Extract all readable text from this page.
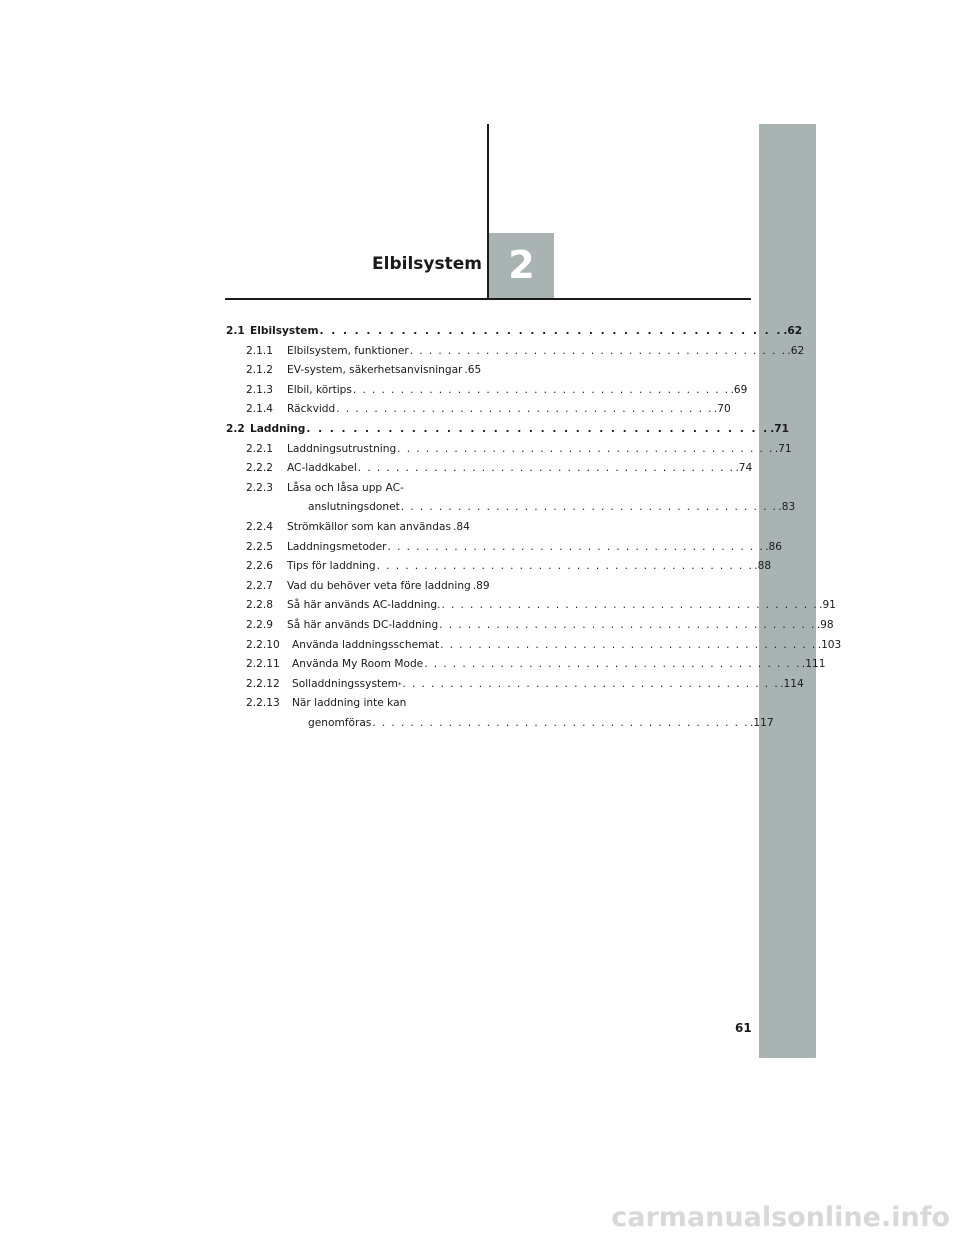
Elbilsystem 2
2.1 Elbilsystem . . . . . . . . . . . . . . . . . . . . . . . . . . . . . . . . . . . . . . . . .62
2.1.1 Elbilsystem, funktioner . . . . . . . . . . . . . . . . . . . . . . . . . . . . . . . . . . . . . . . . .62
2.1.2 EV-system, säkerhetsanvisningar .65
2.1.3 Elbil, körtips . . . . . . . . . . . . . . . . . . . . . . . . . . . . . . . . . . . . . . . . .69
2.1.4 Räckvidd . . . . . . . . . . . . . . . . . . . . . . . . . . . . . . . . . . . . . . . . .70
2.2 Laddning . . . . . . . . . . . . . . . . . . . . . . . . . . . . . . . . . . . . . . . . .71
2.2.1 Laddningsutrustning . . . . . . . . . . . . . . . . . . . . . . . . . . . . . . . . . . . . . . . . .71
2.2.2 AC-laddkabel . . . . . . . . . . . . . . . . . . . . . . . . . . . . . . . . . . . . . . . . .74
2.2.3 Låsa och låsa upp AC-
anslutningsdonet . . . . . . . . . . . . . . . . . . . . . . . . . . . . . . . . . . . . . . . . .83
2.2.4 Strömkällor som kan användas .84
2.2.5 Laddningsmetoder . . . . . . . . . . . . . . . . . . . . . . . . . . . . . . . . . . . . . . . . .86
2.2.6 Tips för laddning . . . . . . . . . . . . . . . . . . . . . . . . . . . . . . . . . . . . . . . . .88
2.2.7 Vad du behöver veta före laddning .89
2.2.8 Så här används AC-laddning. . . . . . . . . . . . . . . . . . . . . . . . . . . . . . . . . . . . . . . . . .91
2.2.9 Så här används DC-laddning . . . . . . . . . . . . . . . . . . . . . . . . . . . . . . . . . . . . . . . . .98
2.2.10 Använda laddningsschemat . . . . . . . . . . . . . . . . . . . . . . . . . . . . . . . . . . . . . . . . .103
2.2.11 Använda My Room Mode . . . . . . . . . . . . . . . . . . . . . . . . . . . . . . . . . . . . . . . . .111
2.2.12 Solladdningssystem * . . . . . . . . . . . . . . . . . . . . . . . . . . . . . . . . . . . . . . . . .114
2.2.13 När laddning inte kan
genomföras . . . . . . . . . . . . . . . . . . . . . . . . . . . . . . . . . . . . . . . . .117
61
carmanualsonline.info
